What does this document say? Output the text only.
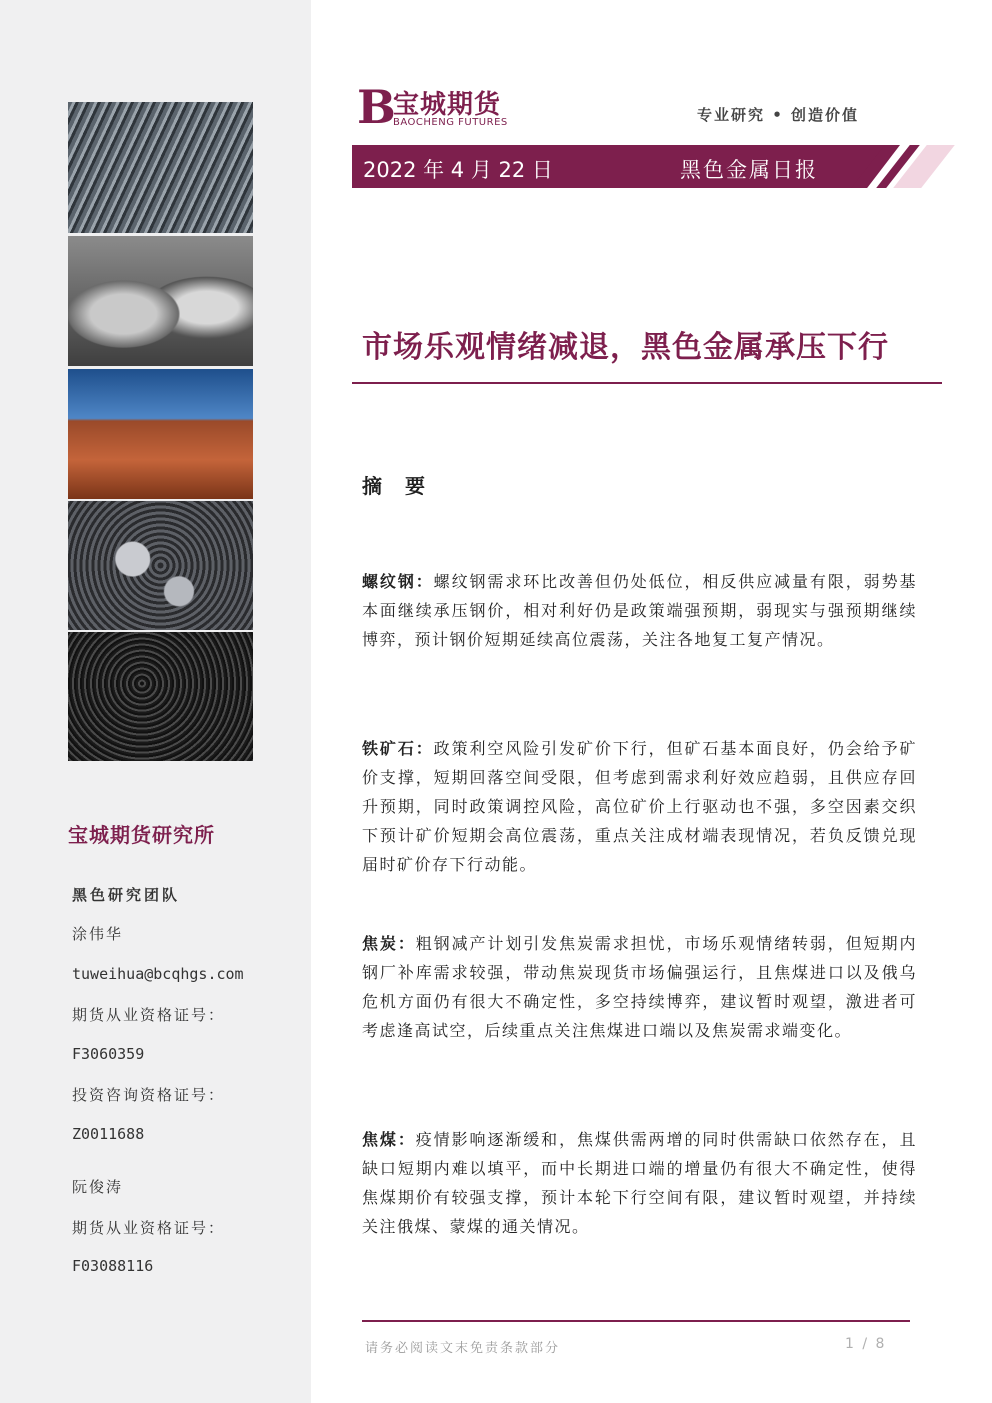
宝城期货研究所
黑色研究团队
涂伟华
tuweihua@bcqhgs.com
期货从业资格证号：
F3060359
投资咨询资格证号：
Z0011688
阮俊涛
期货从业资格证号：
F03088116
B
宝城期货
BAOCHENG FUTURES	专业研究 • 创造价值
2022 年 4 月 22 日	黑色金属日报
市场乐观情绪减退，黑色金属承压下行
摘 要
螺纹钢：螺纹钢需求环比改善但仍处低位，相反供应减量有限，弱势基本面继续承压钢价，相对利好仍是政策端强预期，弱现实与强预期继续博弈，预计钢价短期延续高位震荡，关注各地复工复产情况。
铁矿石：政策利空风险引发矿价下行，但矿石基本面良好，仍会给予矿价支撑，短期回落空间受限，但考虑到需求利好效应趋弱，且供应存回升预期，同时政策调控风险，高位矿价上行驱动也不强，多空因素交织下预计矿价短期会高位震荡，重点关注成材端表现情况，若负反馈兑现届时矿价存下行动能。
焦炭：粗钢减产计划引发焦炭需求担忧，市场乐观情绪转弱，但短期内钢厂补库需求较强，带动焦炭现货市场偏强运行，且焦煤进口以及俄乌危机方面仍有很大不确定性，多空持续博弈，建议暂时观望，激进者可考虑逢高试空，后续重点关注焦煤进口端以及焦炭需求端变化。
焦煤：疫情影响逐渐缓和，焦煤供需两增的同时供需缺口依然存在，且缺口短期内难以填平，而中长期进口端的增量仍有很大不确定性，使得焦煤期价有较强支撑，预计本轮下行空间有限，建议暂时观望，并持续关注俄煤、蒙煤的通关情况。
请务必阅读文末免责条款部分	1 / 8
